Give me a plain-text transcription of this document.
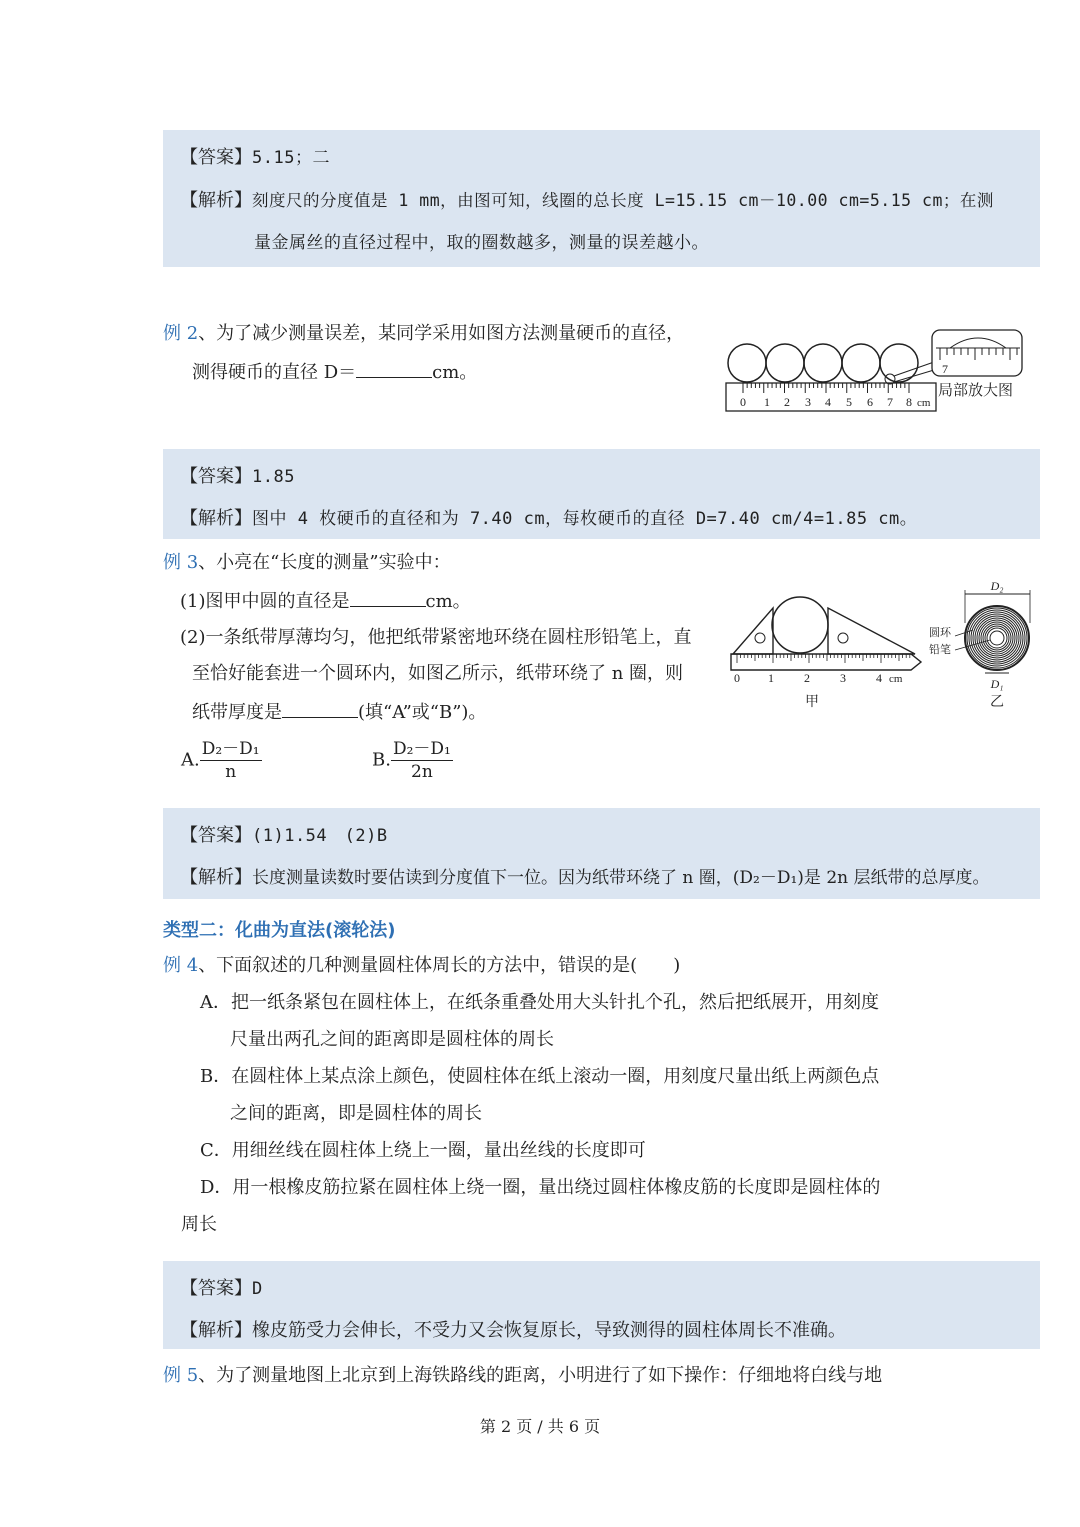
【答案】5.15；二
【解析】刻度尺的分度值是 1 mm，由图可知，线圈的总长度 L=15.15 cm－10.00 cm=5.15 cm；在测
量金属丝的直径过程中，取的圈数越多，测量的误差越小。
例 2、为了减少测量误差，某同学采用如图方法测量硬币的直径，
测得硬币的直径 D＝	cm。
0 1 2 3 4 5 6 7 8 cm
7
局部放大图
【答案】1.85
【解析】图中 4 枚硬币的直径和为 7.40 cm，每枚硬币的直径 D=7.40 cm/4=1.85 cm。
例 3、小亮在“长度的测量”实验中：
(1)图甲中圆的直径是	cm。
(2)一条纸带厚薄均匀，他把纸带紧密地环绕在圆柱形铅笔上，直
至恰好能套进一个圆环内，如图乙所示，纸带环绕了 n 圈，则
纸带厚度是	(填“A”或“B”)。
A. $\frac{\text{D₂－D₁}}{n}$	B. $\frac{\text{D₂－D₁}}{2n}$
0 1	2	3	4 cm
甲
D₂
圆环
铅笔
D₁
乙
【答案】(1)1.54　(2)B
【解析】长度测量读数时要估读到分度值下一位。因为纸带环绕了 n 圈，(D₂－D₁)是 2n 层纸带的总厚度。
类型二：化曲为直法(滚轮法)
例 4、下面叙述的几种测量圆柱体周长的方法中，错误的是(　　)
A．把一纸条紧包在圆柱体上，在纸条重叠处用大头针扎个孔，然后把纸展开，用刻度
尺量出两孔之间的距离即是圆柱体的周长
B．在圆柱体上某点涂上颜色，使圆柱体在纸上滚动一圈，用刻度尺量出纸上两颜色点
之间的距离，即是圆柱体的周长
C．用细丝线在圆柱体上绕上一圈，量出丝线的长度即可
D．用一根橡皮筋拉紧在圆柱体上绕一圈，量出绕过圆柱体橡皮筋的长度即是圆柱体的
周长
【答案】D
【解析】橡皮筋受力会伸长，不受力又会恢复原长，导致测得的圆柱体周长不准确。
例 5、为了测量地图上北京到上海铁路线的距离，小明进行了如下操作：仔细地将白线与地
第 2 页 / 共 6 页
